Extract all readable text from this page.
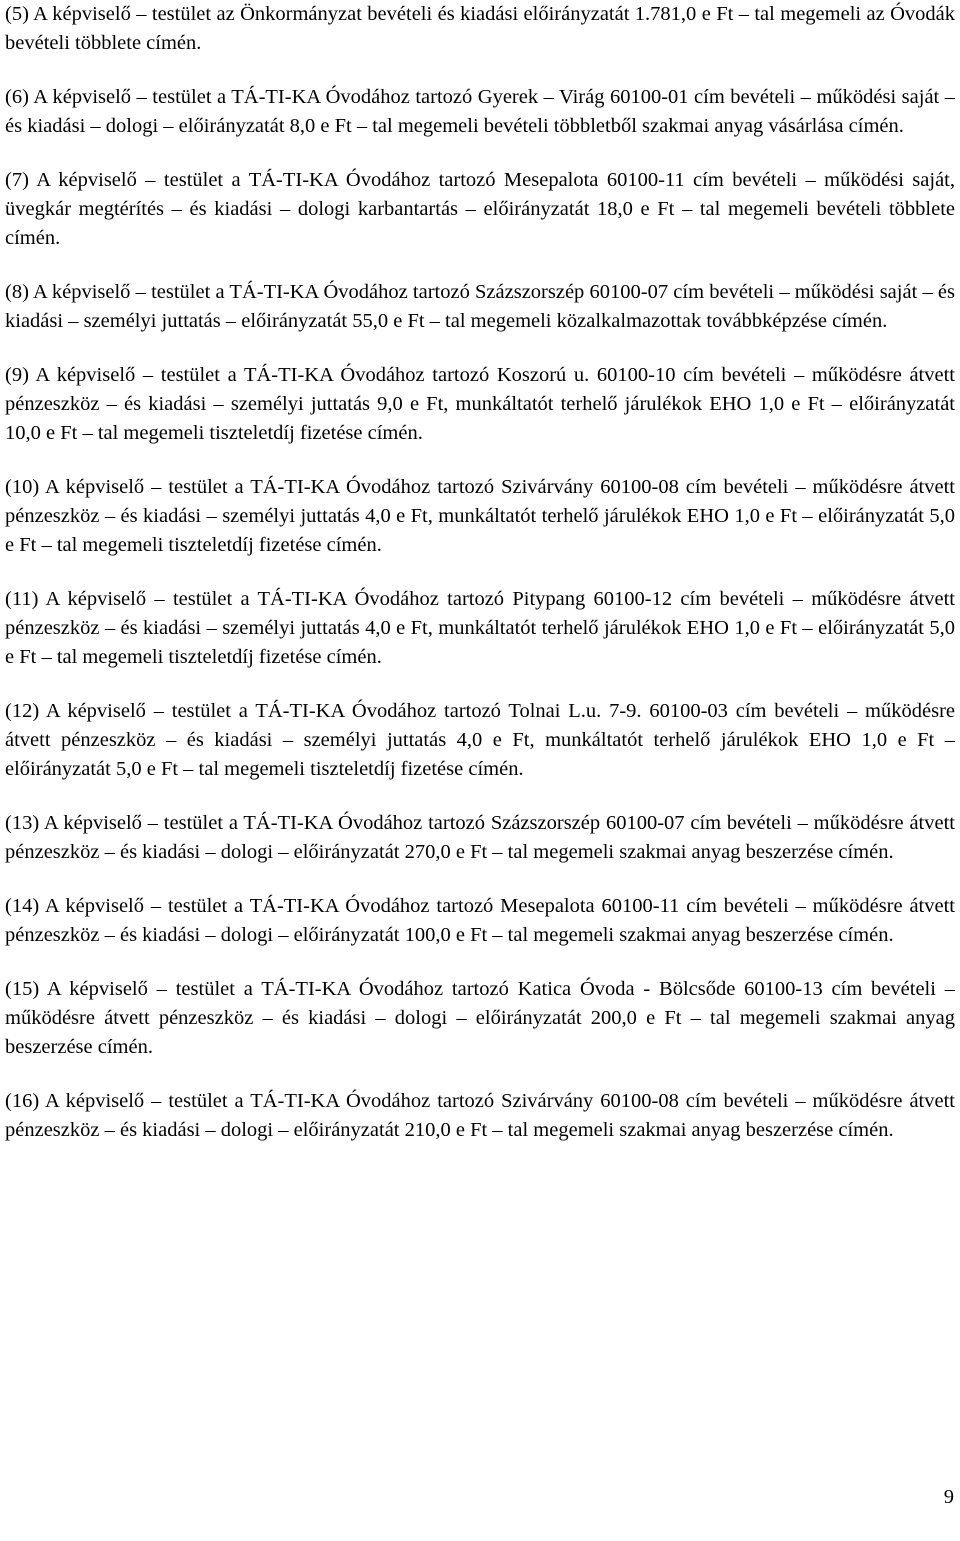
(5) A képviselő – testület az Önkormányzat bevételi és kiadási előirányzatát 1.781,0 e Ft – tal megemeli az Óvodák bevételi többlete címén.

(6) A képviselő – testület a TÁ-TI-KA Óvodához tartozó Gyerek – Virág 60100-01 cím bevételi – működési saját – és kiadási – dologi – előirányzatát 8,0 e Ft – tal megemeli bevételi többletből szakmai anyag vásárlása címén.

(7) A képviselő – testület a TÁ-TI-KA Óvodához tartozó Mesepalota 60100-11 cím bevételi – működési saját, üvegkár megtérítés – és kiadási – dologi karbantartás – előirányzatát 18,0 e Ft – tal megemeli bevételi többlete címén.

(8) A képviselő – testület a TÁ-TI-KA Óvodához tartozó Százszorszép 60100-07 cím bevételi – működési saját – és kiadási – személyi juttatás – előirányzatát 55,0 e Ft – tal megemeli közalkalmazottak továbbképzése címén.

(9) A képviselő – testület a TÁ-TI-KA Óvodához tartozó Koszorú u. 60100-10 cím bevételi – működésre átvett pénzeszköz – és kiadási – személyi juttatás 9,0 e Ft, munkáltatót terhelő járulékok EHO 1,0 e Ft – előirányzatát 10,0 e Ft – tal megemeli tiszteletdíj fizetése címén.

(10) A képviselő – testület a TÁ-TI-KA Óvodához tartozó Szivárvány 60100-08 cím bevételi – működésre átvett pénzeszköz – és kiadási – személyi juttatás 4,0 e Ft, munkáltatót terhelő járulékok EHO 1,0 e Ft – előirányzatát 5,0 e Ft – tal megemeli tiszteletdíj fizetése címén.

(11) A képviselő – testület a TÁ-TI-KA Óvodához tartozó Pitypang 60100-12 cím bevételi – működésre átvett pénzeszköz – és kiadási – személyi juttatás 4,0 e Ft, munkáltatót terhelő járulékok EHO 1,0 e Ft – előirányzatát 5,0 e Ft – tal megemeli tiszteletdíj fizetése címén.

(12) A képviselő – testület a TÁ-TI-KA Óvodához tartozó Tolnai L.u. 7-9. 60100-03 cím bevételi – működésre átvett pénzeszköz – és kiadási – személyi juttatás 4,0 e Ft, munkáltatót terhelő járulékok EHO 1,0 e Ft – előirányzatát 5,0 e Ft – tal megemeli tiszteletdíj fizetése címén.

(13) A képviselő – testület a TÁ-TI-KA Óvodához tartozó Százszorszép 60100-07 cím bevételi – működésre átvett pénzeszköz – és kiadási – dologi – előirányzatát 270,0 e Ft – tal megemeli szakmai anyag beszerzése címén.

(14) A képviselő – testület a TÁ-TI-KA Óvodához tartozó Mesepalota 60100-11 cím bevételi – működésre átvett pénzeszköz – és kiadási – dologi – előirányzatát 100,0 e Ft – tal megemeli szakmai anyag beszerzése címén.

(15) A képviselő – testület a TÁ-TI-KA Óvodához tartozó Katica Óvoda - Bölcsőde 60100-13 cím bevételi – működésre átvett pénzeszköz – és kiadási – dologi – előirányzatát 200,0 e Ft – tal megemeli szakmai anyag beszerzése címén.

(16) A képviselő – testület a TÁ-TI-KA Óvodához tartozó Szivárvány 60100-08 cím bevételi – működésre átvett pénzeszköz – és kiadási – dologi – előirányzatát 210,0 e Ft – tal megemeli szakmai anyag beszerzése címén.

9
